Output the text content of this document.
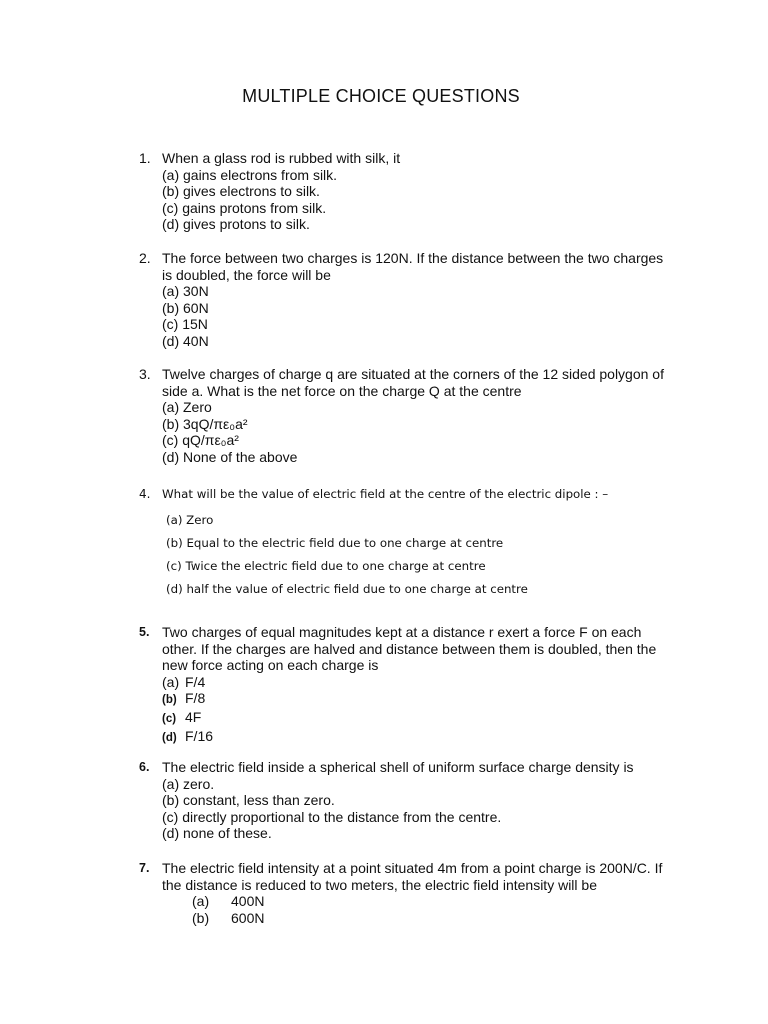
MULTIPLE CHOICE QUESTIONS
1. When a glass rod is rubbed with silk, it
(a) gains electrons from silk.
(b) gives electrons to silk.
(c) gains protons from silk.
(d) gives protons to silk.
2. The force between two charges is 120N. If the distance between the two charges
is doubled, the force will be
(a) 30N
(b) 60N
(c) 15N
(d) 40N
3. Twelve charges of charge q are situated at the corners of the 12 sided polygon of
side a. What is the net force on the charge Q at the centre
(a) Zero
(b) 3qQ/πε₀a²
(c) qQ/πε₀a²
(d) None of the above
4. What will be the value of electric field at the centre of the electric dipole : –
(a) Zero
(b) Equal to the electric field due to one charge at centre
(c) Twice the electric field due to one charge at centre
(d) half the value of electric field due to one charge at centre
5. Two charges of equal magnitudes kept at a distance r exert a force F on each
other. If the charges are halved and distance between them is doubled, then the
new force acting on each charge is
(a) F/4
(b) F/8
(c) 4F
(d) F/16
6. The electric field inside a spherical shell of uniform surface charge density is
(a) zero.
(b) constant, less than zero.
(c) directly proportional to the distance from the centre.
(d) none of these.
7. The electric field intensity at a point situated 4m from a point charge is 200N/C. If
the distance is reduced to two meters, the electric field intensity will be
(a) 400N
(b) 600N
